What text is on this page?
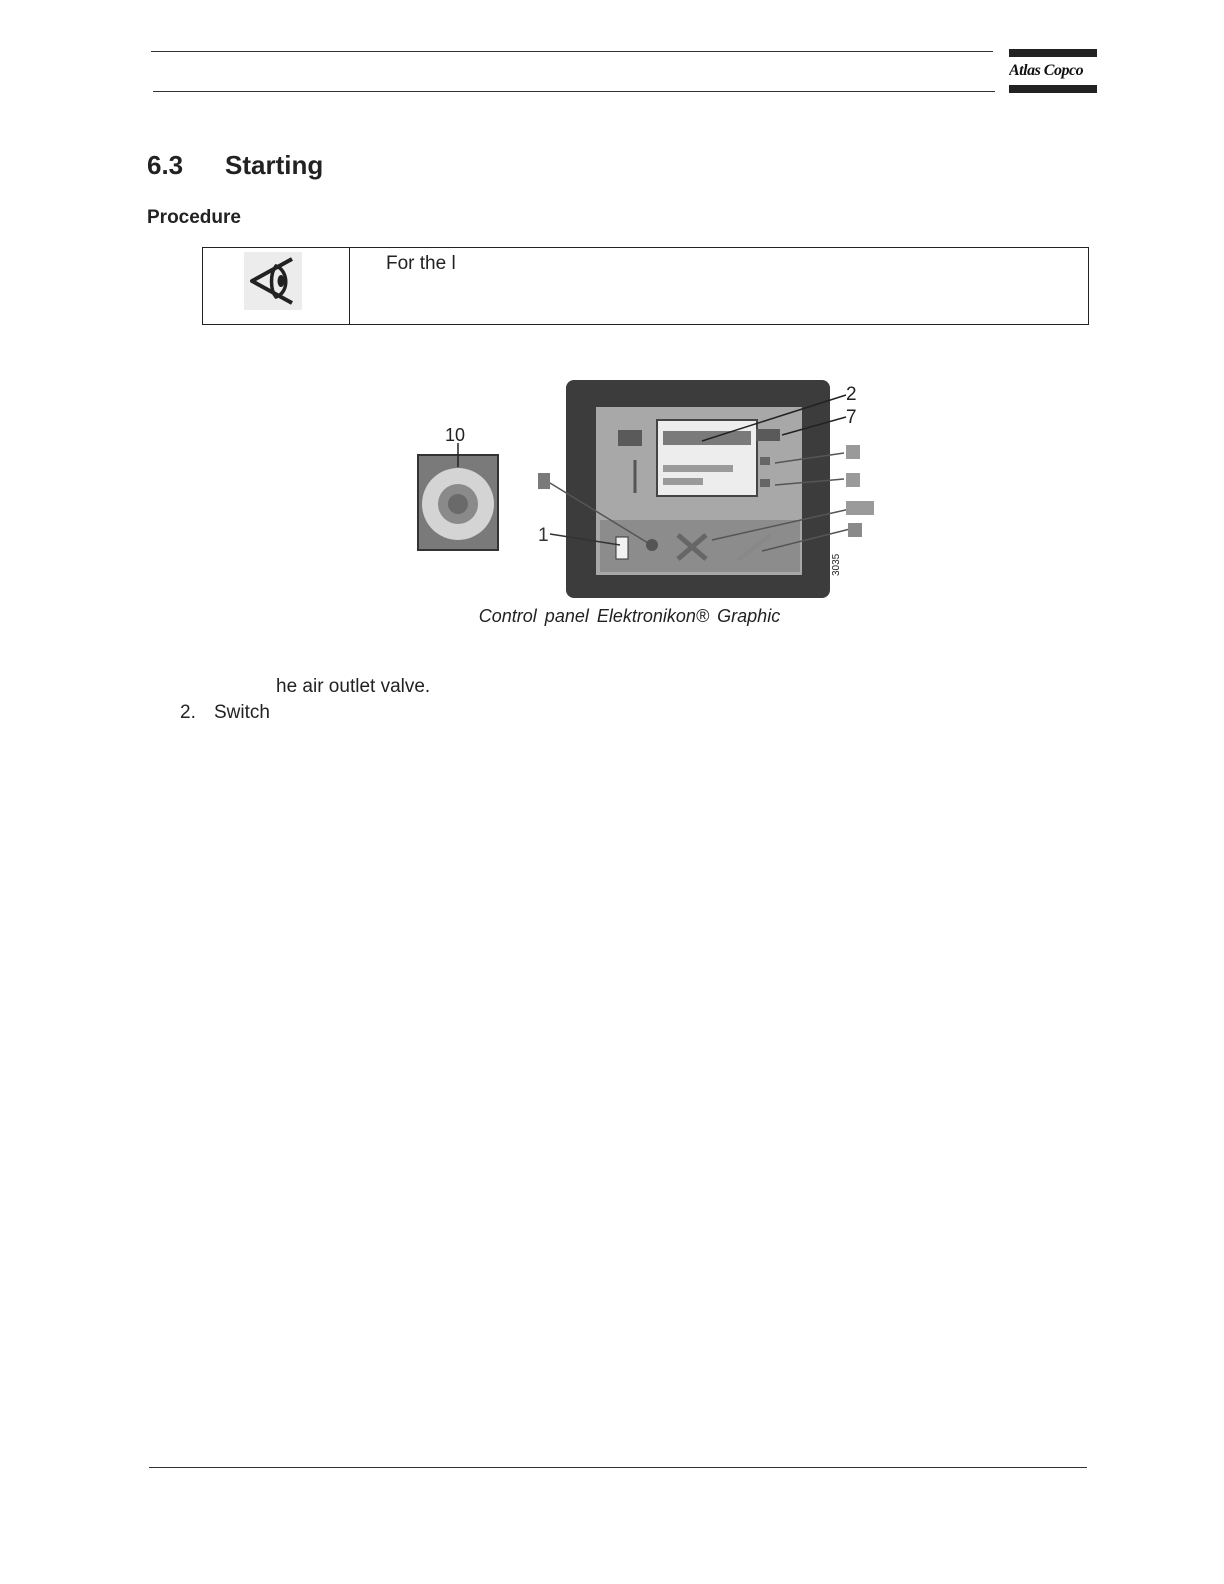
Atlas Copco
6.3 Starting
Procedure
For the l
10
3035
2
7
1
Control panel Elektronikon® Graphic
he air outlet valve.
2. Switch
